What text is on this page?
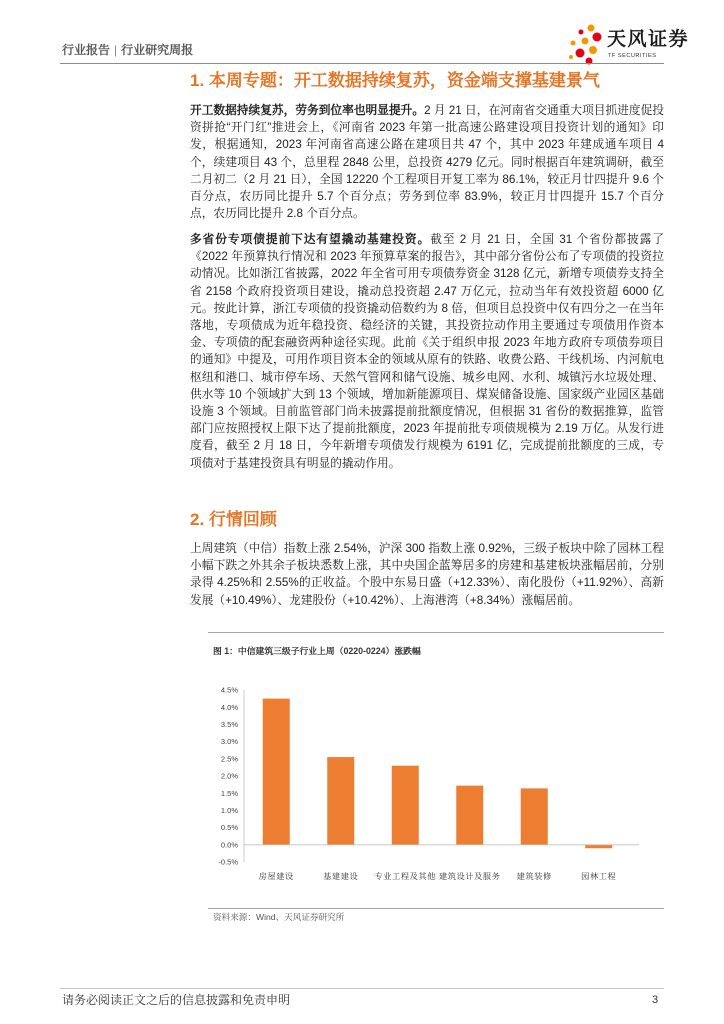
行业报告 | 行业研究周报	天风证券
TF SECURITIES
1. 本周专题：开工数据持续复苏，资金端支撑基建景气

开工数据持续复苏，劳务到位率也明显提升。2 月 21 日，在河南省交通重大项目抓进度促投资拼抢“开门红”推进会上，《河南省 2023 年第一批高速公路建设项目投资计划的通知》印发，根据通知，2023 年河南省高速公路在建项目共 47 个，其中 2023 年建成通车项目 4 个，续建项目 43 个，总里程 2848 公里，总投资 4279 亿元。同时根据百年建筑调研，截至二月初二（2 月 21 日），全国 12220 个工程项目开复工率为 86.1%，较正月廿四提升 9.6 个百分点，农历同比提升 5.7 个百分点；劳务到位率 83.9%，较正月廿四提升 15.7 个百分点，农历同比提升 2.8 个百分点。

多省份专项债提前下达有望撬动基建投资。截至 2 月 21 日，全国 31 个省份都披露了《2022 年预算执行情况和 2023 年预算草案的报告》，其中部分省份公布了专项债的投资拉动情况。比如浙江省披露，2022 年全省可用专项债券资金 3128 亿元，新增专项债券支持全省 2158 个政府投资项目建设，撬动总投资超 2.47 万亿元，拉动当年有效投资超 6000 亿元。按此计算，浙江专项债的投资撬动倍数约为 8 倍，但项目总投资中仅有四分之一在当年落地，专项债成为近年稳投资、稳经济的关键，其投资拉动作用主要通过专项债用作资本金、专项债的配套融资两种途径实现。此前《关于组织申报 2023 年地方政府专项债券项目的通知》中提及，可用作项目资本金的领域从原有的铁路、收费公路、干线机场、内河航电枢纽和港口、城市停车场、天然气管网和储气设施、城乡电网、水利、城镇污水垃圾处理、供水等 10 个领域扩大到 13 个领域，增加新能源项目、煤炭储备设施、国家级产业园区基础设施 3 个领域。目前监管部门尚未披露提前批额度情况，但根据 31 省份的数据推算，监管部门应按照授权上限下达了提前批额度，2023 年提前批专项债规模为 2.19 万亿。从发行进度看，截至 2 月 18 日，今年新增专项债发行规模为 6191 亿，完成提前批额度的三成，专项债对于基建投资具有明显的撬动作用。

2. 行情回顾

上周建筑（中信）指数上涨 2.54%，沪深 300 指数上涨 0.92%，三级子板块中除了园林工程小幅下跌之外其余子板块悉数上涨，其中央国企蓝筹居多的房建和基建板块涨幅居前，分别录得 4.25%和 2.55%的正收益。个股中东易日盛（+12.33%）、南化股份（+11.92%）、高新发展（+10.49%）、龙建股份（+10.42%）、上海港湾（+8.34%）涨幅居前。

图 1：中信建筑三级子行业上周（0220-0224）涨跌幅
-0.5%
0.0%
0.5%
1.0%
1.5%
2.0%
2.5%
3.0%
3.5%
4.0%
4.5%
房屋建设	基建建设 专业工程及其他 建筑设计及服务 建筑装修	园林工程
资料来源：Wind、天风证券研究所
请务必阅读正文之后的信息披露和免责申明	3
